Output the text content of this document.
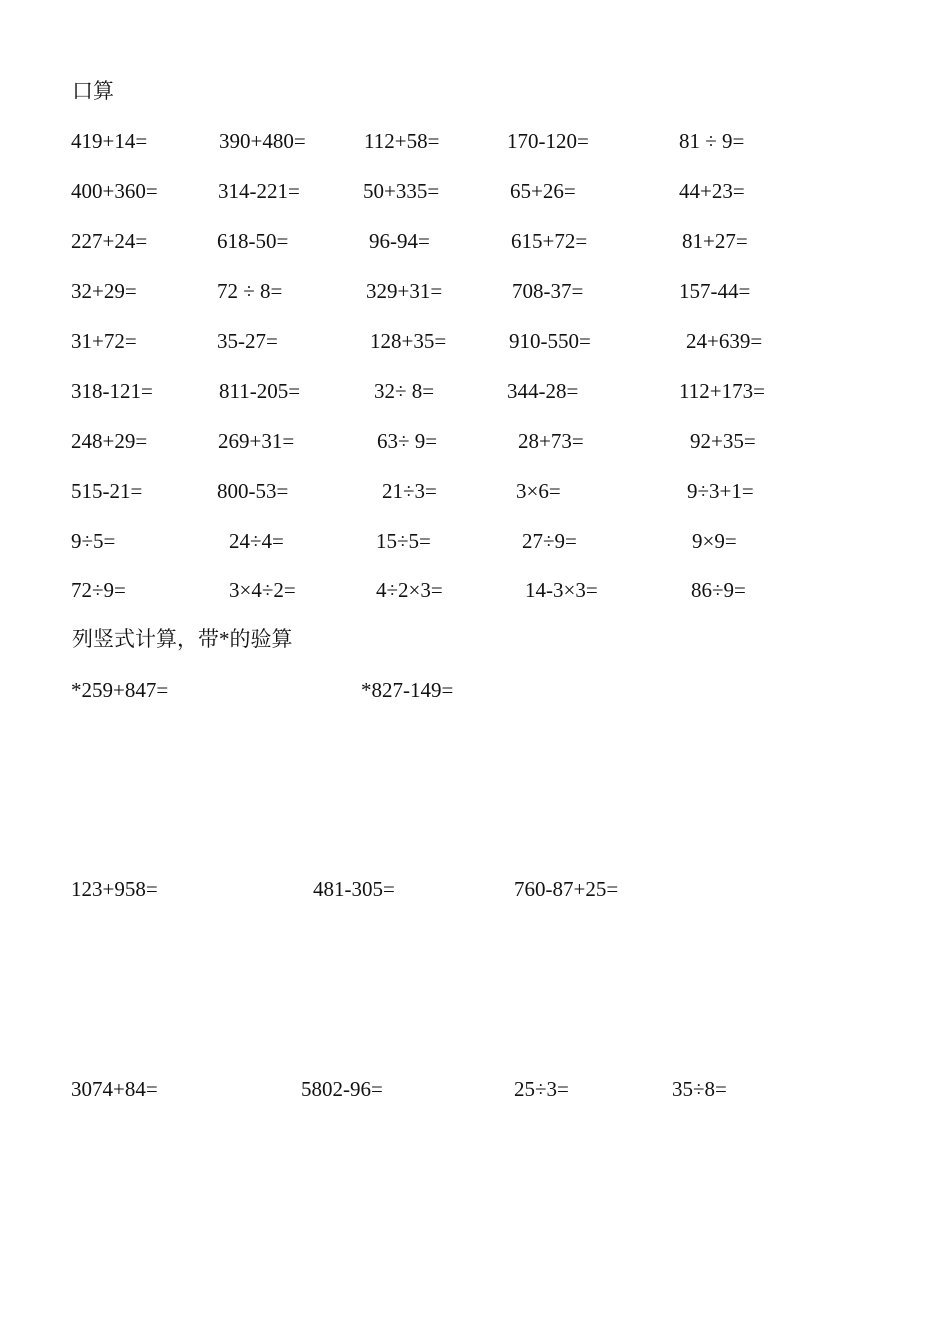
口算
419+14=	390+480=	112+58=	170-120=	81 ÷ 9=
400+360=	314-221=	50+335=	65+26=	44+23=
227+24=	618-50=	96-94=	615+72=	81+27=
32+29=	72 ÷ 8=	329+31=	708-37=	157-44=
31+72=	35-27=	128+35=	910-550=	24+639=
318-121=	811-205=	32÷ 8=	344-28=	112+173=
248+29=	269+31=	63÷ 9=	28+73=	92+35=
515-21=	800-53=	21÷3=	3×6=	9÷3+1=
9÷5=	24÷4=	15÷5=	27÷9=	9×9=
72÷9=	3×4÷2=	4÷2×3=	14-3×3=	86÷9=
列竖式计算，带*的验算
*259+847=	*827-149=
123+958=	481-305=	760-87+25=
3074+84=	5802-96=	25÷3=	35÷8=
